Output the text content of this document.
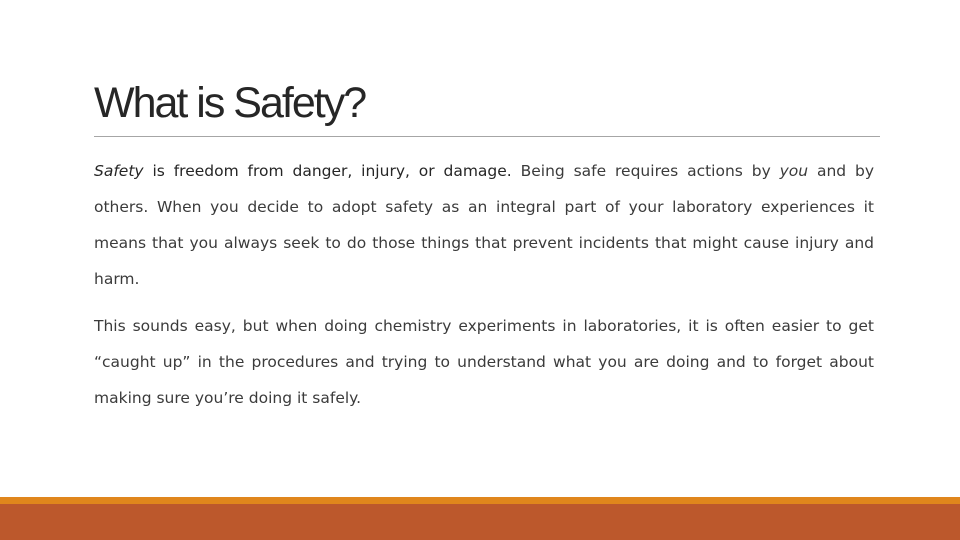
What is Safety?

Safety is freedom from danger, injury, or damage. Being safe requires actions by you and by others. When you decide to adopt safety as an integral part of your laboratory experiences it means that you always seek to do those things that prevent incidents that might cause injury and harm.

This sounds easy, but when doing chemistry experiments in laboratories, it is often easier to get “caught up” in the procedures and trying to understand what you are doing and to forget about making sure you’re doing it safely.
